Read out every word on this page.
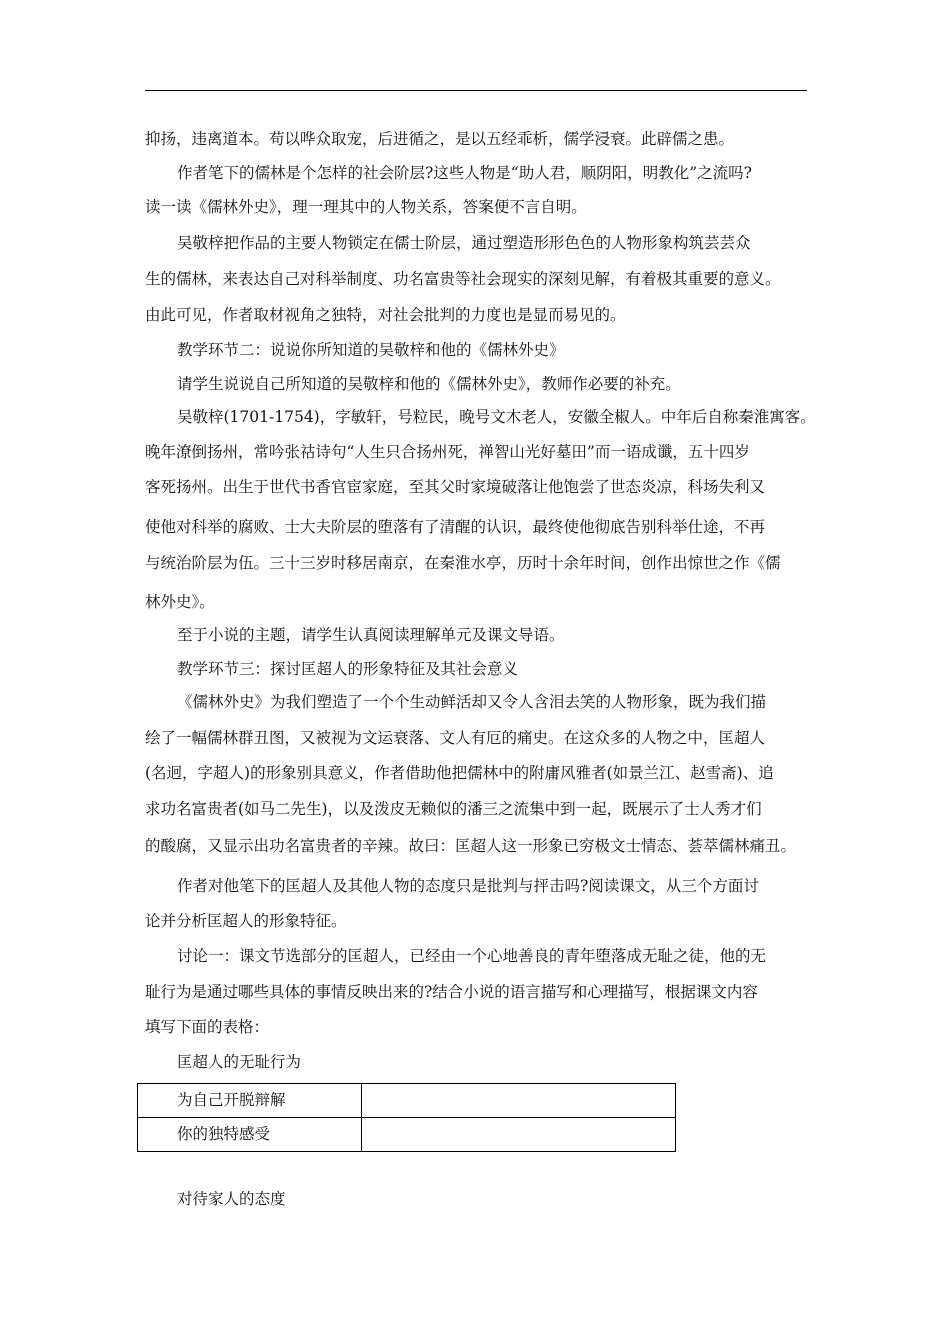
抑扬，违离道本。苟以哗众取宠，后进循之，是以五经乖析，儒学浸衰。此辟儒之患。
作者笔下的儒林是个怎样的社会阶层?这些人物是“助人君，顺阴阳，明教化”之流吗?
读一读《儒林外史》，理一理其中的人物关系，答案便不言自明。
吴敬梓把作品的主要人物锁定在儒士阶层，通过塑造形形色色的人物形象构筑芸芸众
生的儒林，来表达自己对科举制度、功名富贵等社会现实的深刻见解，有着极其重要的意义。
由此可见，作者取材视角之独特，对社会批判的力度也是显而易见的。
教学环节二：说说你所知道的吴敬梓和他的《儒林外史》
请学生说说自己所知道的吴敬梓和他的《儒林外史》，教师作必要的补充。
吴敬梓(1701-1754)，字敏轩，号粒民，晚号文木老人，安徽全椒人。中年后自称秦淮寓客。
晚年潦倒扬州，常吟张祜诗句“人生只合扬州死，禅智山光好墓田”而一语成谶，五十四岁
客死扬州。出生于世代书香官宦家庭，至其父时家境破落让他饱尝了世态炎凉，科场失利又
使他对科举的腐败、士大夫阶层的堕落有了清醒的认识，最终使他彻底告别科举仕途，不再
与统治阶层为伍。三十三岁时移居南京，在秦淮水亭，历时十余年时间，创作出惊世之作《儒
林外史》。
至于小说的主题，请学生认真阅读理解单元及课文导语。
教学环节三：探讨匡超人的形象特征及其社会意义
《儒林外史》为我们塑造了一个个生动鲜活却又令人含泪去笑的人物形象，既为我们描
绘了一幅儒林群丑图，又被视为文运衰落、文人有厄的痛史。在这众多的人物之中，匡超人
(名迥，字超人)的形象别具意义，作者借助他把儒林中的附庸风雅者(如景兰江、赵雪斋)、追
求功名富贵者(如马二先生)，以及泼皮无赖似的潘三之流集中到一起，既展示了士人秀才们
的酸腐，又显示出功名富贵者的辛辣。故曰：匡超人这一形象已穷极文士情态、荟萃儒林痛丑。
作者对他笔下的匡超人及其他人物的态度只是批判与抨击吗?阅读课文，从三个方面讨
论并分析匡超人的形象特征。
讨论一：课文节选部分的匡超人，已经由一个心地善良的青年堕落成无耻之徒，他的无
耻行为是通过哪些具体的事情反映出来的?结合小说的语言描写和心理描写，根据课文内容
填写下面的表格：
匡超人的无耻行为
为自己开脱辩解	
你的独特感受	
对待家人的态度
